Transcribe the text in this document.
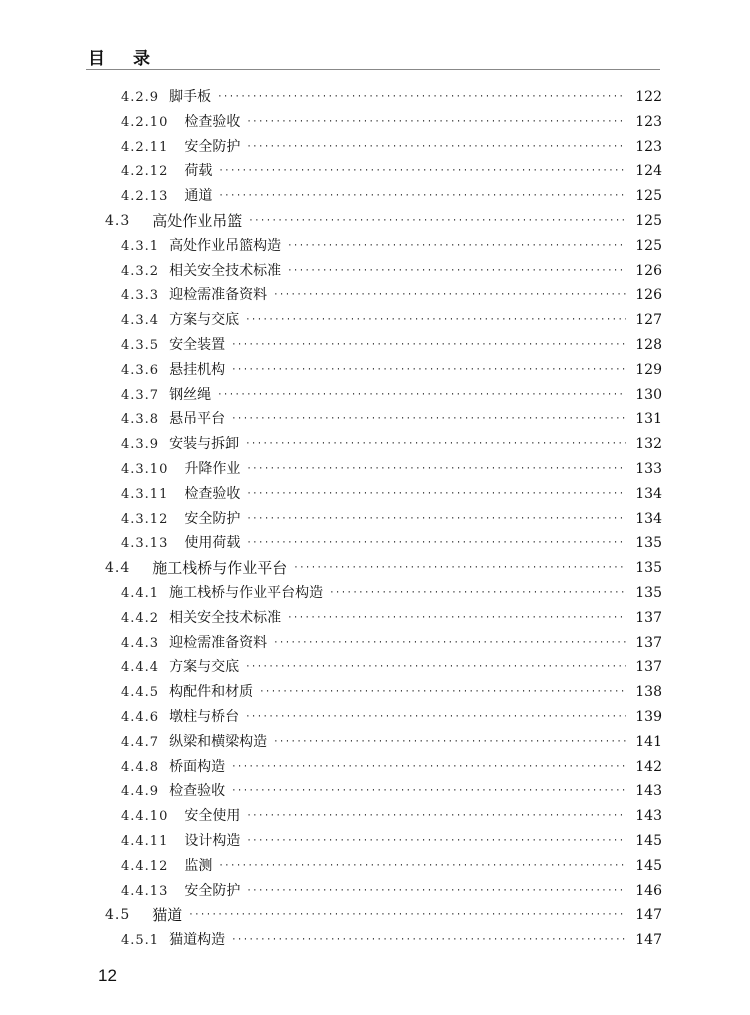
目 录
4.2.9 脚手板 ·····	122
4.2.10 检查验收 ·····	123
4.2.11 安全防护 ·····	123
4.2.12 荷载 ·····	124
4.2.13 通道 ·····	125
4.3 高处作业吊篮 ·····	125
4.3.1 高处作业吊篮构造 ·····	125
4.3.2 相关安全技术标准 ·····	126
4.3.3 迎检需准备资料 ·····	126
4.3.4 方案与交底 ·····	127
4.3.5 安全装置 ·····	128
4.3.6 悬挂机构 ·····	129
4.3.7 钢丝绳 ·····	130
4.3.8 悬吊平台 ·····	131
4.3.9 安装与拆卸 ·····	132
4.3.10 升降作业 ·····	133
4.3.11 检查验收 ·····	134
4.3.12 安全防护 ·····	134
4.3.13 使用荷载 ·····	135
4.4 施工栈桥与作业平台 ·····	135
4.4.1 施工栈桥与作业平台构造 ·····	135
4.4.2 相关安全技术标准 ·····	137
4.4.3 迎检需准备资料 ·····	137
4.4.4 方案与交底 ·····	137
4.4.5 构配件和材质 ·····	138
4.4.6 墩柱与桥台 ·····	139
4.4.7 纵梁和横梁构造 ·····	141
4.4.8 桥面构造 ·····	142
4.4.9 检查验收 ·····	143
4.4.10 安全使用 ·····	143
4.4.11 设计构造 ·····	145
4.4.12 监测 ·····	145
4.4.13 安全防护 ·····	146
4.5 猫道 ·····	147
4.5.1 猫道构造 ·····	147
12
